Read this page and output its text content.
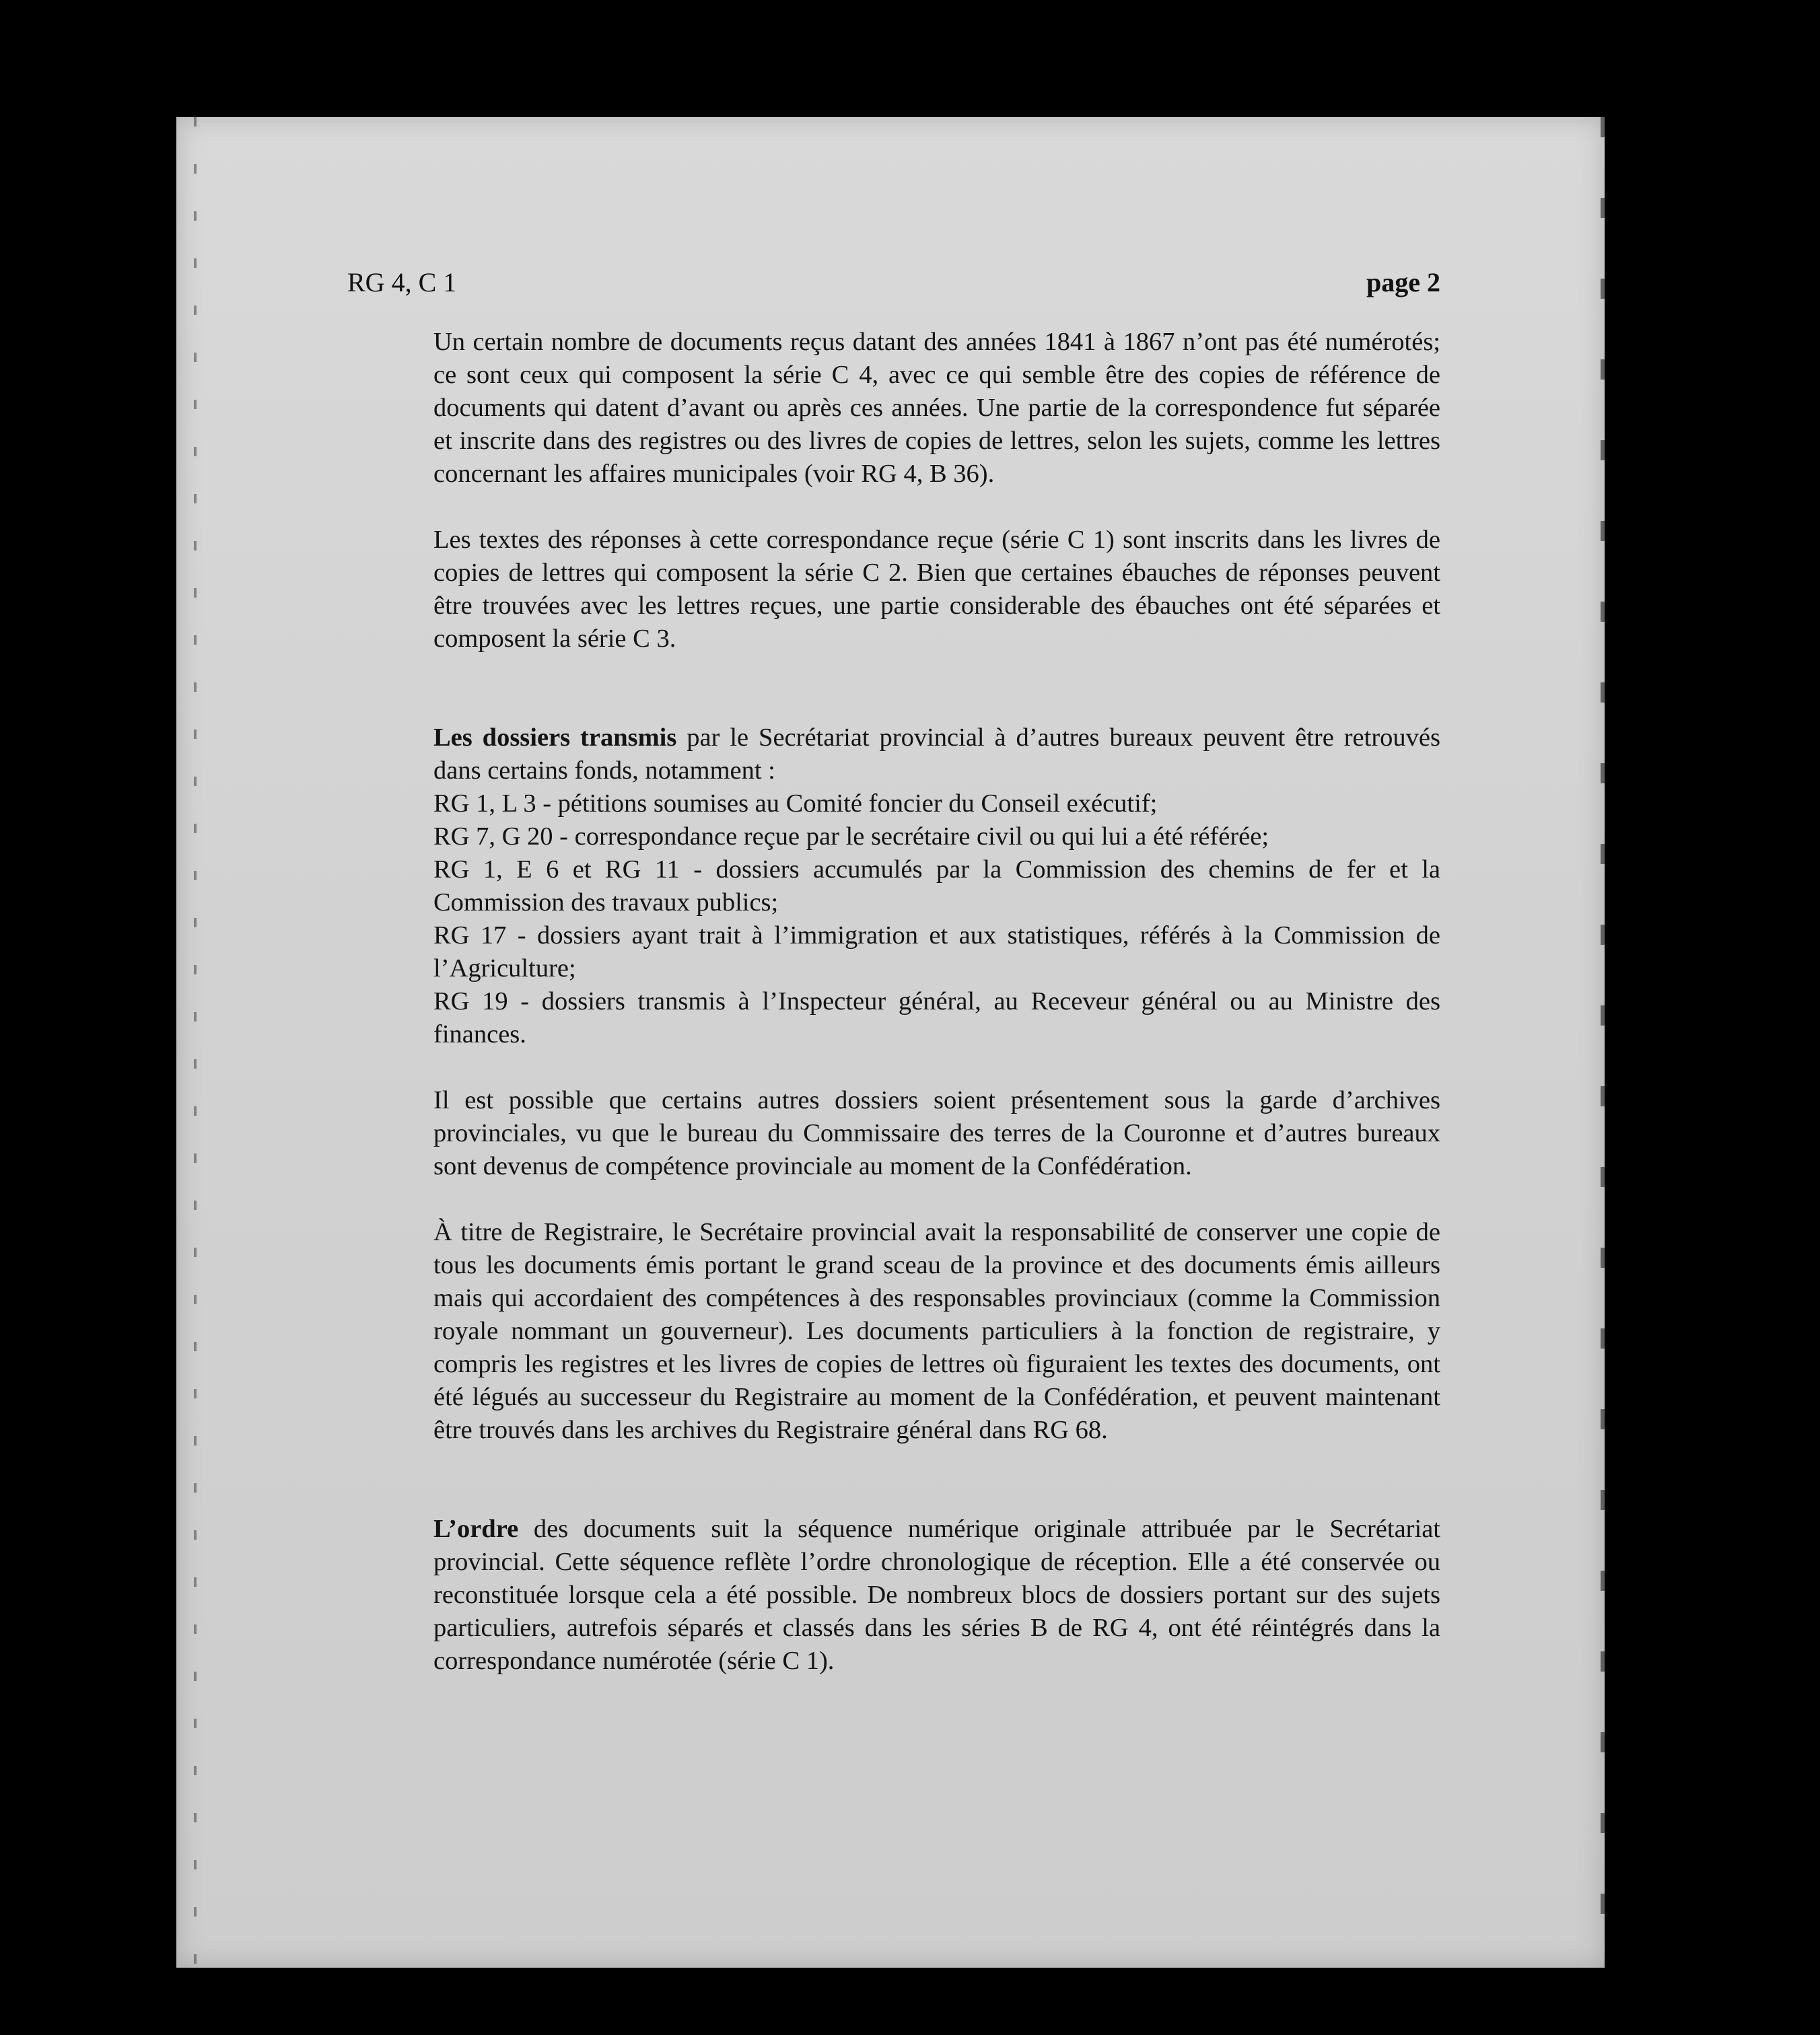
RG 4, C 1	page 2

Un certain nombre de documents reçus datant des années 1841 à 1867 n’ont pas été numérotés; ce sont ceux qui composent la série C 4, avec ce qui semble être des copies de référence de documents qui datent d’avant ou après ces années. Une partie de la correspondence fut séparée et inscrite dans des registres ou des livres de copies de lettres, selon les sujets, comme les lettres concernant les affaires municipales (voir RG 4, B 36).

Les textes des réponses à cette correspondance reçue (série C 1) sont inscrits dans les livres de copies de lettres qui composent la série C 2. Bien que certaines ébauches de réponses peuvent être trouvées avec les lettres reçues, une partie considerable des ébauches ont été séparées et composent la série C 3.

Les dossiers transmis par le Secrétariat provincial à d’autres bureaux peuvent être retrouvés dans certains fonds, notamment :

RG 1, L 3 - pétitions soumises au Comité foncier du Conseil exécutif;

RG 7, G 20 - correspondance reçue par le secrétaire civil ou qui lui a été référée;

RG 1, E 6 et RG 11 - dossiers accumulés par la Commission des chemins de fer et la Commission des travaux publics;

RG 17 - dossiers ayant trait à l’immigration et aux statistiques, référés à la Commission de l’Agriculture;

RG 19 - dossiers transmis à l’Inspecteur général, au Receveur général ou au Ministre des finances.

Il est possible que certains autres dossiers soient présentement sous la garde d’archives provinciales, vu que le bureau du Commissaire des terres de la Couronne et d’autres bureaux sont devenus de compétence provinciale au moment de la Confédération.

À titre de Registraire, le Secrétaire provincial avait la responsabilité de conserver une copie de tous les documents émis portant le grand sceau de la province et des documents émis ailleurs mais qui accordaient des compétences à des responsables provinciaux (comme la Commission royale nommant un gouverneur). Les documents particuliers à la fonction de registraire, y compris les registres et les livres de copies de lettres où figuraient les textes des documents, ont été légués au successeur du Registraire au moment de la Confédération, et peuvent maintenant être trouvés dans les archives du Registraire général dans RG 68.

L’ordre des documents suit la séquence numérique originale attribuée par le Secrétariat provincial. Cette séquence reflète l’ordre chronologique de réception. Elle a été conservée ou reconstituée lorsque cela a été possible. De nombreux blocs de dossiers portant sur des sujets particuliers, autrefois séparés et classés dans les séries B de RG 4, ont été réintégrés dans la correspondance numérotée (série C 1).
